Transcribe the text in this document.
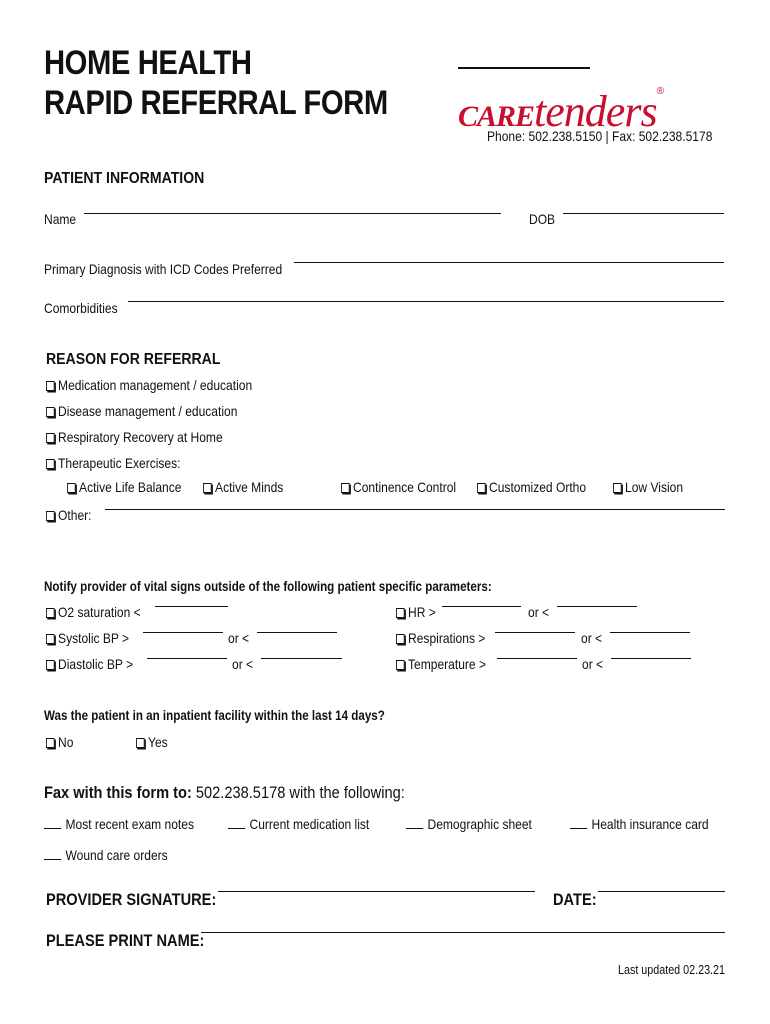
HOME HEALTH
RAPID REFERRAL FORM CAREtenders®
Phone: 502.238.5150 | Fax: 502.238.5178
PATIENT INFORMATION
Name	DOB
Primary Diagnosis with ICD Codes Preferred
Comorbidities
REASON FOR REFERRAL
Medication management / education
Disease management / education
Respiratory Recovery at Home
Therapeutic Exercises:
Active Life Balance	Active Minds	Continence Control	Customized Ortho	Low Vision
Other:
Notify provider of vital signs outside of the following patient specific parameters:
O2 saturation <	HR >	or <
Systolic BP >	or <	Respirations >	or <
Diastolic BP >	or <	Temperature >	or <
Was the patient in an inpatient facility within the last 14 days?
No	Yes
Fax with this form to: 502.238.5178 with the following:
Most recent exam notes	Current medication list	Demographic sheet	Health insurance card
Wound care orders
PROVIDER SIGNATURE:	DATE:
PLEASE PRINT NAME:
Last updated 02.23.21
